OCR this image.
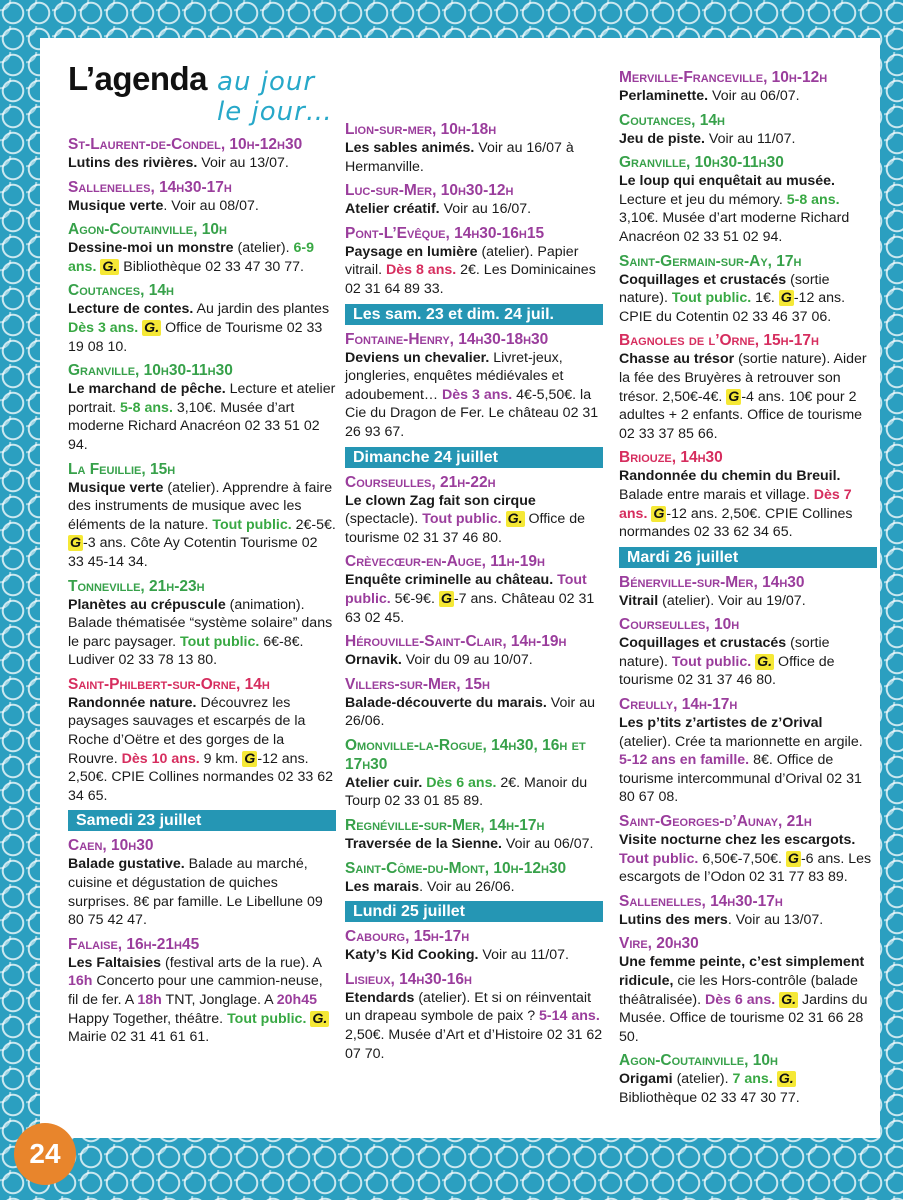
L’agenda au jour le jour…

St-Laurent-de-Condel, 10h-12h30

Lutins des rivières. Voir au 13/07.

Sallenelles, 14h30-17h

Musique verte. Voir au 08/07.

Agon-Coutainville, 10h

Dessine-moi un monstre (atelier). 6-9 ans. G. Bibliothèque 02 33 47 30 77.

Coutances, 14h

Lecture de contes. Au jardin des plantes Dès 3 ans. G. Office de Tourisme 02 33 19 08 10.

Granville, 10h30-11h30

Le marchand de pêche. Lecture et atelier portrait. 5-8 ans. 3,10€. Musée d’art moderne Richard Anacréon 02 33 51 02 94.

La Feuillie, 15h

Musique verte (atelier). Apprendre à faire des instruments de musique avec les éléments de la nature. Tout public. 2€-5€. G -3 ans. Côte Ay Cotentin Tourisme 02 33 45-14 34.

Tonneville, 21h-23h

Planètes au crépuscule (animation). Balade thématisée “système solaire” dans le parc paysager. Tout public. 6€-8€. Ludiver 02 33 78 13 80.

Saint-Philbert-sur-Orne, 14h

Randonnée nature. Découvrez les paysages sauvages et escarpés de la Roche d’Oëtre et des gorges de la Rouvre. Dès 10 ans. 9 km. G -12 ans. 2,50€. CPIE Collines normandes 02 33 62 34 65.

Samedi 23 juillet

Caen, 10h30

Balade gustative. Balade au marché, cuisine et dégustation de quiches surprises. 8€ par famille. Le Libellune 09 80 75 42 47.

Falaise, 16h-21h45

Les Faltaisies (festival arts de la rue). A 16h Concerto pour une cammion-neuse, fil de fer. A 18h TNT, Jonglage. A 20h45 Happy Together, théâtre. Tout public. G. Mairie 02 31 41 61 61.

Lion-sur-mer, 10h-18h

Les sables animés. Voir au 16/07 à Hermanville.

Luc-sur-Mer, 10h30-12h

Atelier créatif. Voir au 16/07.

Pont-L’Evêque, 14h30-16h15

Paysage en lumière (atelier). Papier vitrail. Dès 8 ans. 2€. Les Dominicaines 02 31 64 89 33.

Les sam. 23 et dim. 24 juil.

Fontaine-Henry, 14h30-18h30

Deviens un chevalier. Livret-jeux, jongleries, enquêtes médiévales et adoubement… Dès 3 ans. 4€-5,50€. la Cie du Dragon de Fer. Le château 02 31 26 93 67.

Dimanche 24 juillet

Courseulles, 21h-22h

Le clown Zag fait son cirque (spectacle). Tout public. G. Office de tourisme 02 31 37 46 80.

Crèvecœur-en-Auge, 11h-19h

Enquête criminelle au château. Tout public. 5€-9€. G -7 ans. Château 02 31 63 02 45.

Hérouville-Saint-Clair, 14h-19h

Ornavik. Voir du 09 au 10/07.

Villers-sur-Mer, 15h

Balade-découverte du marais. Voir au 26/06.

Omonville-la-Rogue, 14h30, 16h et 17h30

Atelier cuir. Dès 6 ans. 2€. Manoir du Tourp 02 33 01 85 89.

Regnéville-sur-Mer, 14h-17h

Traversée de la Sienne. Voir au 06/07.

Saint-Côme-du-Mont, 10h-12h30

Les marais. Voir au 26/06.

Lundi 25 juillet

Cabourg, 15h-17h

Katy’s Kid Cooking. Voir au 11/07.

Lisieux, 14h30-16h

Etendards (atelier). Et si on réinventait un drapeau symbole de paix ? 5-14 ans. 2,50€. Musée d’Art et d’Histoire 02 31 62 07 70.

Merville-Franceville, 10h-12h

Perlaminette. Voir au 06/07.

Coutances, 14h

Jeu de piste. Voir au 11/07.

Granville, 10h30-11h30

Le loup qui enquêtait au musée. Lecture et jeu du mémory. 5-8 ans. 3,10€. Musée d’art moderne Richard Anacréon 02 33 51 02 94.

Saint-Germain-sur-Ay, 17h

Coquillages et crustacés (sortie nature). Tout public. 1€. G -12 ans. CPIE du Cotentin 02 33 46 37 06.

Bagnoles de l’Orne, 15h-17h

Chasse au trésor (sortie nature). Aider la fée des Bruyères à retrouver son trésor. 2,50€-4€. G -4 ans. 10€ pour 2 adultes + 2 enfants. Office de tourisme 02 33 37 85 66.

Briouze, 14h30

Randonnée du chemin du Breuil. Balade entre marais et village. Dès 7 ans. G -12 ans. 2,50€. CPIE Collines normandes 02 33 62 34 65.

Mardi 26 juillet

Bénerville-sur-Mer, 14h30

Vitrail (atelier). Voir au 19/07.

Courseulles, 10h

Coquillages et crustacés (sortie nature). Tout public. G. Office de tourisme 02 31 37 46 80.

Creully, 14h-17h

Les p’tits z’artistes de z’Orival (atelier). Crée ta marionnette en argile. 5-12 ans en famille. 8€. Office de tourisme intercommunal d’Orival 02 31 80 67 08.

Saint-Georges-d’Aunay, 21h

Visite nocturne chez les escargots. Tout public. 6,50€-7,50€. G -6 ans. Les escargots de l’Odon 02 31 77 83 89.

Sallenelles, 14h30-17h

Lutins des mers. Voir au 13/07.

Vire, 20h30

Une femme peinte, c’est simplement ridicule, cie les Hors-contrôle (balade théâtralisée). Dès 6 ans. G. Jardins du Musée. Office de tourisme 02 31 66 28 50.

Agon-Coutainville, 10h

Origami (atelier). 7 ans. G. Bibliothèque 02 33 47 30 77.

24
